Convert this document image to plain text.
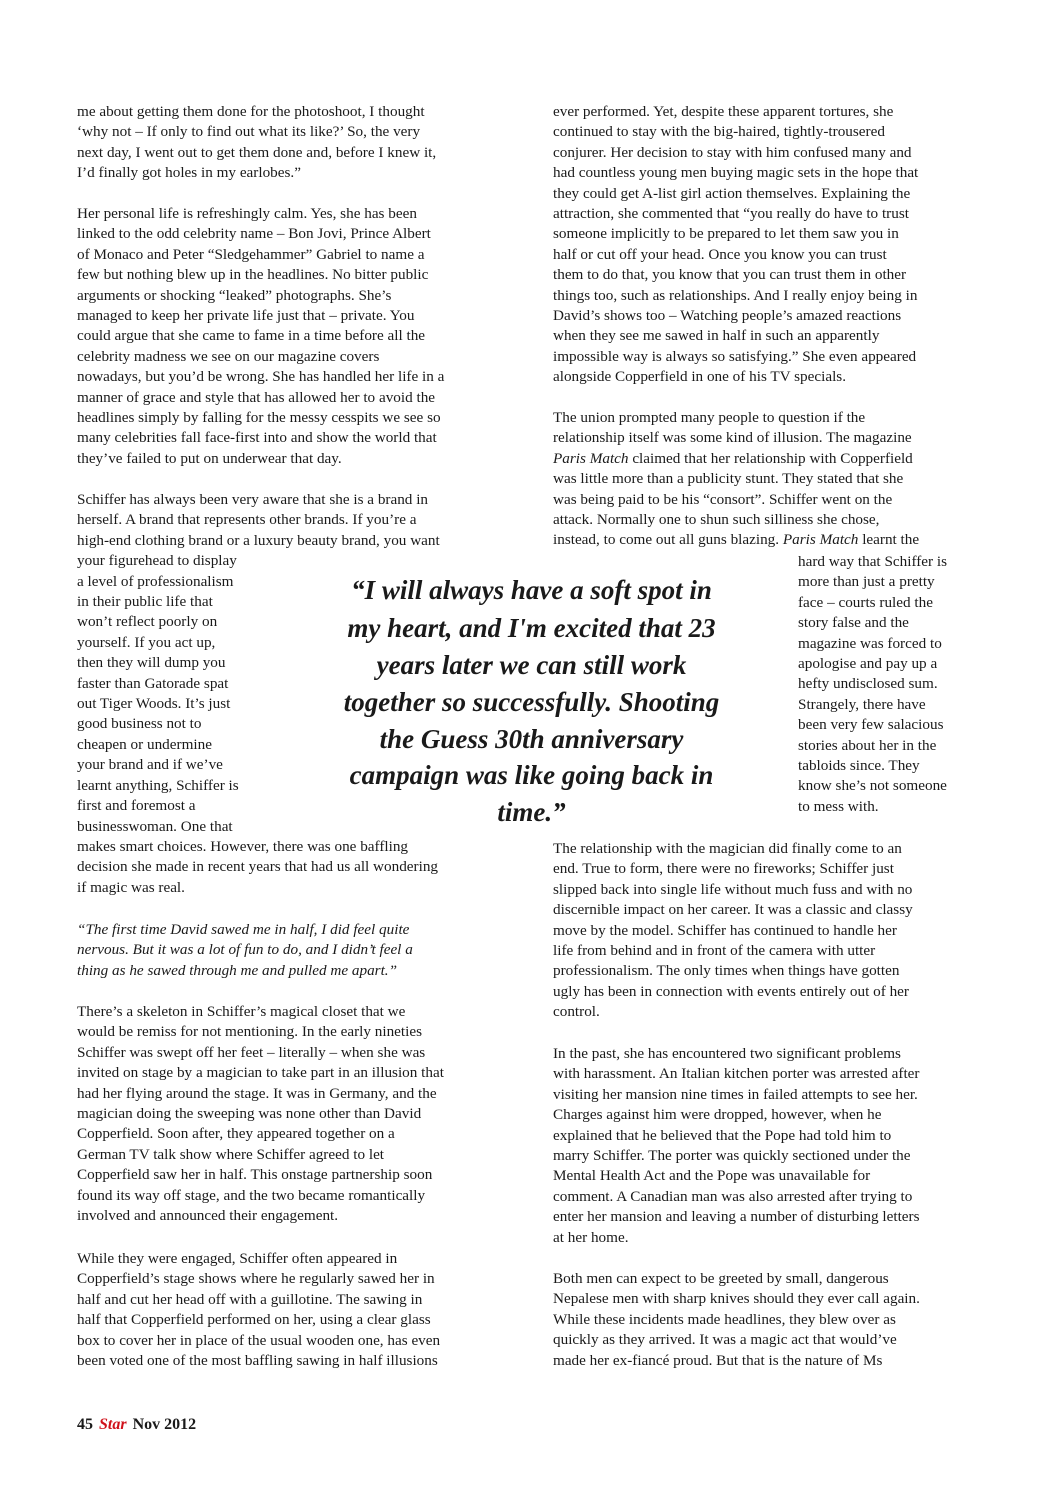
me about getting them done for the photoshoot, I thought
‘why not – If only to find out what its like?’ So, the very
next day, I went out to get them done and, before I knew it,
I’d finally got holes in my earlobes.”
Her personal life is refreshingly calm. Yes, she has been
linked to the odd celebrity name – Bon Jovi, Prince Albert
of Monaco and Peter “Sledgehammer” Gabriel to name a
few but nothing blew up in the headlines. No bitter public
arguments or shocking “leaked” photographs. She’s
managed to keep her private life just that – private. You
could argue that she came to fame in a time before all the
celebrity madness we see on our magazine covers
nowadays, but you’d be wrong. She has handled her life in a
manner of grace and style that has allowed her to avoid the
headlines simply by falling for the messy cesspits we see so
many celebrities fall face-first into and show the world that
they’ve failed to put on underwear that day.
Schiffer has always been very aware that she is a brand in
herself. A brand that represents other brands. If you’re a
high-end clothing brand or a luxury beauty brand, you want
your figurehead to display
a level of professionalism
in their public life that
won’t reflect poorly on
yourself. If you act up,
then they will dump you
faster than Gatorade spat
out Tiger Woods. It’s just
good business not to
cheapen or undermine
your brand and if we’ve
learnt anything, Schiffer is
first and foremost a
businesswoman. One that
makes smart choices. However, there was one baffling
decision she made in recent years that had us all wondering
if magic was real.
“The first time David sawed me in half, I did feel quite
nervous. But it was a lot of fun to do, and I didn’t feel a
thing as he sawed through me and pulled me apart.”
There’s a skeleton in Schiffer’s magical closet that we
would be remiss for not mentioning. In the early nineties
Schiffer was swept off her feet – literally – when she was
invited on stage by a magician to take part in an illusion that
had her flying around the stage. It was in Germany, and the
magician doing the sweeping was none other than David
Copperfield. Soon after, they appeared together on a
German TV talk show where Schiffer agreed to let
Copperfield saw her in half. This onstage partnership soon
found its way off stage, and the two became romantically
involved and announced their engagement.
While they were engaged, Schiffer often appeared in
Copperfield’s stage shows where he regularly sawed her in
half and cut her head off with a guillotine. The sawing in
half that Copperfield performed on her, using a clear glass
box to cover her in place of the usual wooden one, has even
been voted one of the most baffling sawing in half illusions
ever performed. Yet, despite these apparent tortures, she
continued to stay with the big-haired, tightly-trousered
conjurer. Her decision to stay with him confused many and
had countless young men buying magic sets in the hope that
they could get A-list girl action themselves. Explaining the
attraction, she commented that “you really do have to trust
someone implicitly to be prepared to let them saw you in
half or cut off your head. Once you know you can trust
them to do that, you know that you can trust them in other
things too, such as relationships. And I really enjoy being in
David’s shows too – Watching people’s amazed reactions
when they see me sawed in half in such an apparently
impossible way is always so satisfying.” She even appeared
alongside Copperfield in one of his TV specials.
The union prompted many people to question if the
relationship itself was some kind of illusion. The magazine
Paris Match claimed that her relationship with Copperfield
was little more than a publicity stunt. They stated that she
was being paid to be his “consort”. Schiffer went on the
attack. Normally one to shun such silliness she chose,
instead, to come out all guns blazing. Paris Match learnt the
hard way that Schiffer is
more than just a pretty
face – courts ruled the
story false and the
magazine was forced to
apologise and pay up a
hefty undisclosed sum.
Strangely, there have
been very few salacious
stories about her in the
tabloids since. They
know she’s not someone
to mess with.
The relationship with the magician did finally come to an
end. True to form, there were no fireworks; Schiffer just
slipped back into single life without much fuss and with no
discernible impact on her career. It was a classic and classy
move by the model. Schiffer has continued to handle her
life from behind and in front of the camera with utter
professionalism. The only times when things have gotten
ugly has been in connection with events entirely out of her
control.
In the past, she has encountered two significant problems
with harassment. An Italian kitchen porter was arrested after
visiting her mansion nine times in failed attempts to see her.
Charges against him were dropped, however, when he
explained that he believed that the Pope had told him to
marry Schiffer. The porter was quickly sectioned under the
Mental Health Act and the Pope was unavailable for
comment. A Canadian man was also arrested after trying to
enter her mansion and leaving a number of disturbing letters
at her home.
Both men can expect to be greeted by small, dangerous
Nepalese men with sharp knives should they ever call again.
While these incidents made headlines, they blew over as
quickly as they arrived. It was a magic act that would’ve
made her ex-fiancé proud. But that is the nature of Ms
“I will always have a soft spot in
my heart, and I'm excited that 23
years later we can still work
together so successfully. Shooting
the Guess 30th anniversary
campaign was like going back in
time.”
45 Star Nov 2012
